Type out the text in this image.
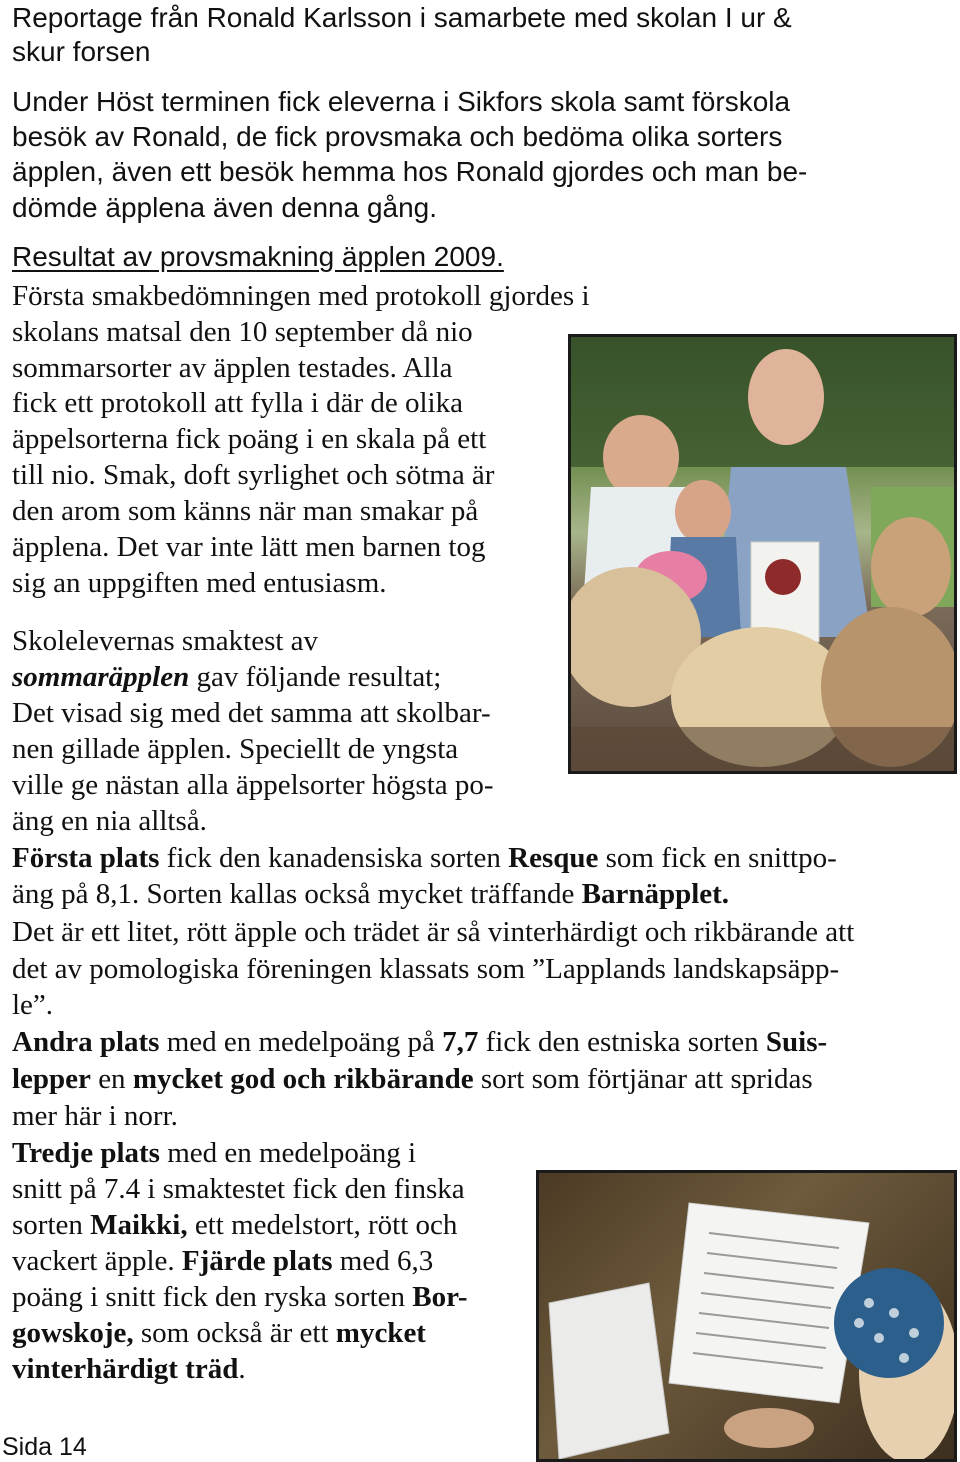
Reportage från Ronald Karlsson i samarbete med skolan I ur &
skur forsen
Under Höst terminen fick eleverna i Sikfors skola samt förskola
besök av Ronald, de fick provsmaka och bedöma olika sorters
äpplen, även ett besök hemma hos Ronald gjordes och man be-
dömde äpplena även denna gång.
Resultat av provsmakning äpplen 2009.
Första smakbedömningen med protokoll gjordes i
skolans matsal den 10 september då nio
sommarsorter av äpplen testades. Alla
fick ett protokoll att fylla i där de olika
äppelsorterna fick poäng i en skala på ett
till nio. Smak, doft syrlighet och sötma är
den arom som känns när man smakar på
äpplena. Det var inte lätt men barnen tog
sig an uppgiften med entusiasm.
Skolelevernas smaktest av
sommaräpplen gav följande resultat;
Det visad sig med det samma att skolbar-
nen gillade äpplen. Speciellt de yngsta
ville ge nästan alla äppelsorter högsta po-
äng en nia alltså.
Första plats fick den kanadensiska sorten Resque som fick en snittpo-
äng på 8,1. Sorten kallas också mycket träffande Barnäpplet.
Det är ett litet, rött äpple och trädet är så vinterhärdigt och rikbärande att
det av pomologiska föreningen klassats som ”Lapplands landskapsäpp-
le”.
Andra plats med en medelpoäng på 7,7 fick den estniska sorten Suis-
lepper en mycket god och rikbärande sort som förtjänar att spridas
mer här i norr.
Tredje plats med en medelpoäng i
snitt på 7.4 i smaktestet fick den finska
sorten Maikki, ett medelstort, rött och
vackert äpple. Fjärde plats med 6,3
poäng i snitt fick den ryska sorten Bor-
gowskoje, som också är ett mycket
vinterhärdigt träd.
Sida 14
